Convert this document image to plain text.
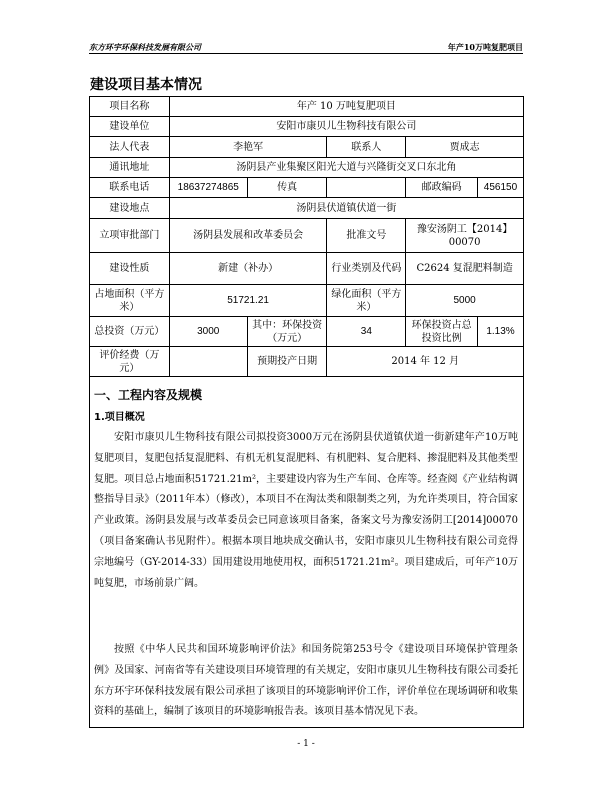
东方环宇环保科技发展有限公司	年产10万吨复肥项目
建设项目基本情况
项目名称	年产 10 万吨复肥项目				
建设单位	安阳市康贝儿生物科技有限公司				
法人代表	李艳军		联系人	贾成志	
通讯地址	汤阴县产业集聚区阳光大道与兴隆街交叉口东北角				
联系电话	18637274865	传真		邮政编码	456150
建设地点	汤阴县伏道镇伏道一街				
立项审批部门	汤阴县发展和改革委员会		批准文号	豫安汤阴工【2014】00070	
建设性质	新建（补办）		行业类别及代码	C2624 复混肥料制造	
占地面积（平方米）	51721.21		绿化面积（平方米）	5000	
总投资（万元）	3000	其中：环保投资（万元）	34	环保投资占总投资比例	1.13%
评价经费（万元）		预期投产日期	2014 年 12 月		
一、工程内容及规模
1.项目概况

安阳市康贝儿生物科技有限公司拟投资3000万元在汤阴县伏道镇伏道一街新建年产10万吨复肥项目，复肥包括复混肥料、有机无机复混肥料、有机肥料、复合肥料、掺混肥料及其他类型复肥。项目总占地面积51721.21m²，主要建设内容为生产车间、仓库等。经查阅《产业结构调整指导目录》（2011年本）（修改），本项目不在淘汰类和限制类之列，为允许类项目，符合国家产业政策。汤阴县发展与改革委员会已同意该项目备案，备案文号为豫安汤阴工[2014]00070（项目备案确认书见附件）。根据本项目地块成交确认书，安阳市康贝儿生物科技有限公司竞得宗地编号（GY-2014-33）国用建设用地使用权，面积51721.21m²。项目建成后，可年产10万吨复肥，市场前景广阔。

按照《中华人民共和国环境影响评价法》和国务院第253号令《建设项目环境保护管理条例》及国家、河南省等有关建设项目环境管理的有关规定，安阳市康贝儿生物科技有限公司委托东方环宇环保科技发展有限公司承担了该项目的环境影响评价工作，评价单位在现场调研和收集资料的基础上，编制了该项目的环境影响报告表。该项目基本情况见下表。

- 1 -
